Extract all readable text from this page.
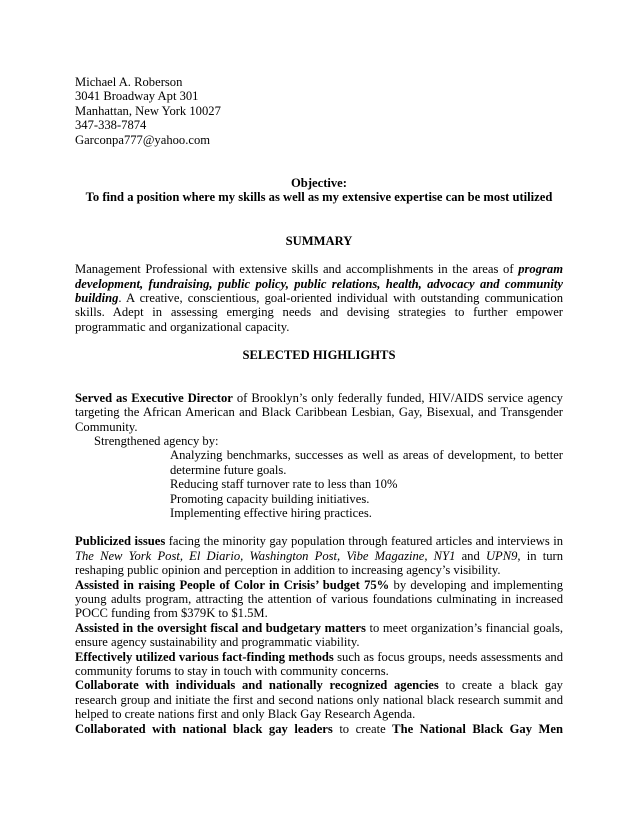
Michael A. Roberson
3041 Broadway Apt 301
Manhattan, New York 10027
347-338-7874
Garconpa777@yahoo.com
Objective:
To find a position where my skills as well as my extensive expertise can be most utilized
SUMMARY

Management Professional with extensive skills and accomplishments in the areas of program development, fundraising, public policy, public relations, health, advocacy and community building. A creative, conscientious, goal-oriented individual with outstanding communication skills. Adept in assessing emerging needs and devising strategies to further empower programmatic and organizational capacity.

SELECTED HIGHLIGHTS

Served as Executive Director of Brooklyn’s only federally funded, HIV/AIDS service agency targeting the African American and Black Caribbean Lesbian, Gay, Bisexual, and Transgender Community.

Strengthened agency by:
Analyzing benchmarks, successes as well as areas of development, to better determine future goals.
Reducing staff turnover rate to less than 10%
Promoting capacity building initiatives.
Implementing effective hiring practices.

Publicized issues facing the minority gay population through featured articles and interviews in The New York Post, El Diario, Washington Post, Vibe Magazine, NY1 and UPN9, in turn reshaping public opinion and perception in addition to increasing agency’s visibility.

Assisted in raising People of Color in Crisis’ budget 75% by developing and implementing young adults program, attracting the attention of various foundations culminating in increased POCC funding from $379K to $1.5M.

Assisted in the oversight fiscal and budgetary matters to meet organization’s financial goals, ensure agency sustainability and programmatic viability.

Effectively utilized various fact-finding methods such as focus groups, needs assessments and community forums to stay in touch with community concerns.

Collaborate with individuals and nationally recognized agencies to create a black gay research group and initiate the first and second nations only national black research summit and helped to create nations first and only Black Gay Research Agenda.

Collaborated with national black gay leaders to create The National Black Gay Men
